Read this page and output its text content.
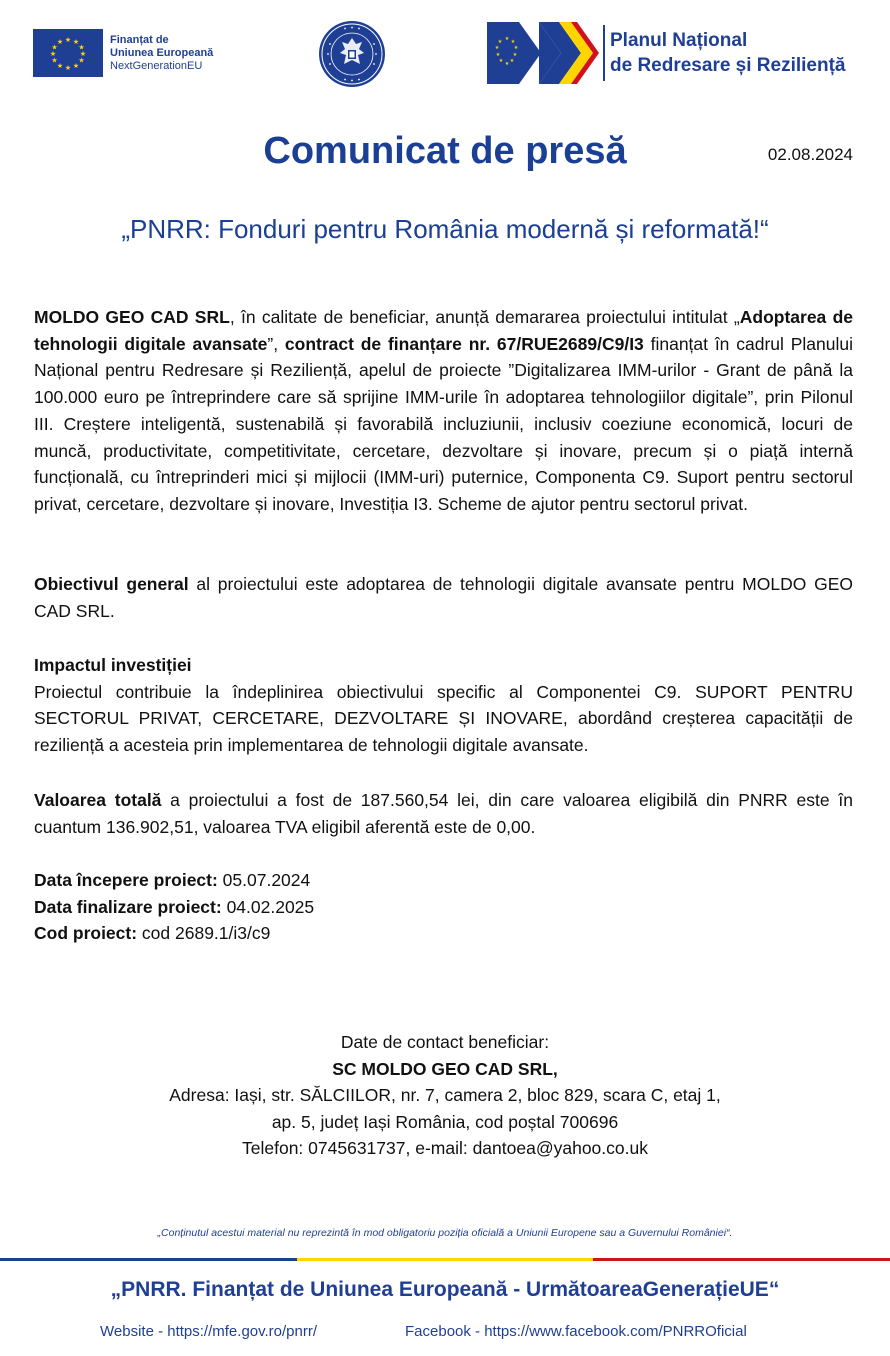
★ ★
★
★
★
★
★
★
★
★
★
★	Finanțat de
Uniunea Europeană
NextGenerationEU
★ ★
★
★
★
★
★
★
★
★	Planul Național
de Redresare și Reziliență
Comunicat de presă	02.08.2024
„PNRR: Fonduri pentru România modernă și reformată!“

MOLDO GEO CAD SRL, în calitate de beneficiar, anunță demararea proiectului intitulat „Adoptarea de tehnologii digitale avansate”, contract de finanțare nr. 67/RUE2689/C9/I3 finanțat în cadrul Planului Național pentru Redresare și Reziliență, apelul de proiecte ”Digitalizarea IMM-urilor - Grant de până la 100.000 euro pe întreprindere care să sprijine IMM-urile în adoptarea tehnologiilor digitale”, prin Pilonul III. Creștere inteligentă, sustenabilă și favorabilă incluziunii, inclusiv coeziune economică, locuri de muncă, productivitate, competitivitate, cercetare, dezvoltare și inovare, precum și o piață internă funcțională, cu întreprinderi mici și mijlocii (IMM-uri) puternice, Componenta C9. Suport pentru sectorul privat, cercetare, dezvoltare și inovare, Investiția I3. Scheme de ajutor pentru sectorul privat.

Obiectivul general al proiectului este adoptarea de tehnologii digitale avansate pentru MOLDO GEO CAD SRL.

Impactul investiției
Proiectul contribuie la îndeplinirea obiectivului specific al Componentei C9. SUPORT PENTRU SECTORUL PRIVAT, CERCETARE, DEZVOLTARE ȘI INOVARE, abordând creșterea capacității de reziliență a acesteia prin implementarea de tehnologii digitale avansate.

Valoarea totală a proiectului a fost de 187.560,54 lei, din care valoarea eligibilă din PNRR este în cuantum 136.902,51, valoarea TVA eligibil aferentă este de 0,00.

Data începere proiect: 05.07.2024
Data finalizare proiect: 04.02.2025
Cod proiect: cod 2689.1/i3/c9

Date de contact beneficiar:
SC MOLDO GEO CAD SRL,
Adresa: Iași, str. SĂLCIILOR, nr. 7, camera 2, bloc 829, scara C, etaj 1,
ap. 5, județ Iași România, cod poștal 700696
Telefon: 0745631737, e-mail: dantoea@yahoo.co.uk
„Conținutul acestui material nu reprezintă în mod obligatoriu poziția oficială a Uniunii Europene sau a Guvernului României“.
„PNRR. Finanțat de Uniunea Europeană - UrmătoareaGenerațieUE“
Website - https://mfe.gov.ro/pnrr/	Facebook - https://www.facebook.com/PNRROficial
